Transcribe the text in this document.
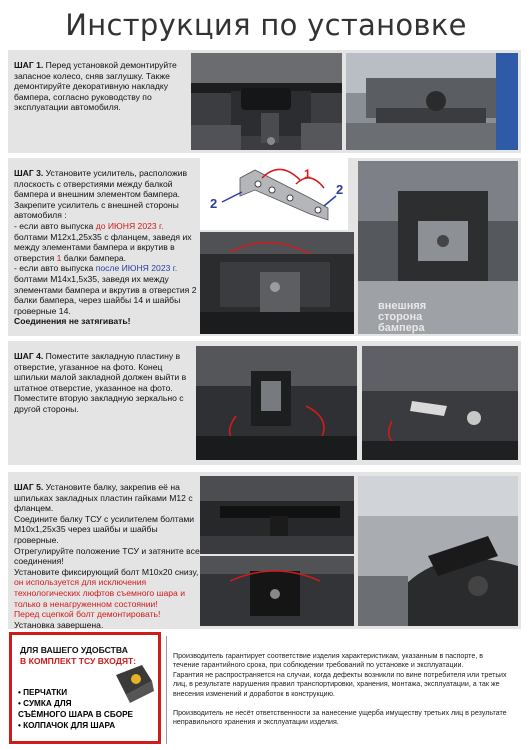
Инструкция по установке
ШАГ 1. Перед установкой демонтируйте запасное колесо, сняв заглушку. Также демонтируйте декоративную накладку бампера, согласно руководству по эксплуатации автомобиля.
ШАГ 3. Установите усилитель, расположив плоскость с отверстиями между балкой бампера и внешним элементом бампера. Закрепите усилитель с внешней стороны автомобиля :
- если авто выпуска до ИЮНЯ 2023 г.
болтами М12х1,25х35 с фланцем, заведя их между элементами бампера и вкрутив в отверстия 1 балки бампера.
- если авто выпуска после ИЮНЯ 2023 г.
болтами М14х1,5х35, заведя их между элементами бампера и вкрутив в отверстия 2 балки бампера, через шайбы 14 и шайбы гроверные 14.
Соединения не затягивать!
1
2
2
внешняя сторона бампера
ШАГ 4. Поместите закладную пластину в отверстие, угазанное на фото. Конец шпильки малой закладной должен выйти в штатное отверстие, указанное на фото. Поместите вторую закладную зеркально с другой стороны.
ШАГ 5. Установите балку, закрепив её на шпильках закладных пластин гайками М12 с фланцем.
Соедините балку ТСУ с усилителем болтами М10х1,25х35 через шайбы и шайбы гроверные.
Отрегулируйте положение ТСУ и затяните все соединения!
Установите фиксирующий болт М10х20 снизу,
он используется для исключения технологических люфтов съемного шара и только в ненагруженном состоянии!
Перед сцепкой болт демонтировать!
Установка завершена.
ДЛЯ ВАШЕГО УДОБСТВА
В КОМПЛЕКТ ТСУ ВХОДЯТ:
• ПЕРЧАТКИ
• СУМКА ДЛЯ
СЪЁМНОГО ШАРА В СБОРЕ
• КОЛПАЧОК ДЛЯ ШАРА

Производитель гарантирует соответствие изделия характеристикам, указанным в паспорте, в течение гарантийного срока, при соблюдении требований по установке и эксплуатации.

Гарантия не распространяется на случаи, когда дефекты возникли по вине потребителя или третьих лиц, в результате нарушения правил транспортировки, хранения, монтажа, эксплуатации, а так же внесения изменений и доработок в конструкцию.

Производитель не несёт ответственности за нанесение ущерба имуществу третьих лиц в результате неправильного хранения и эксплуатации изделия.
